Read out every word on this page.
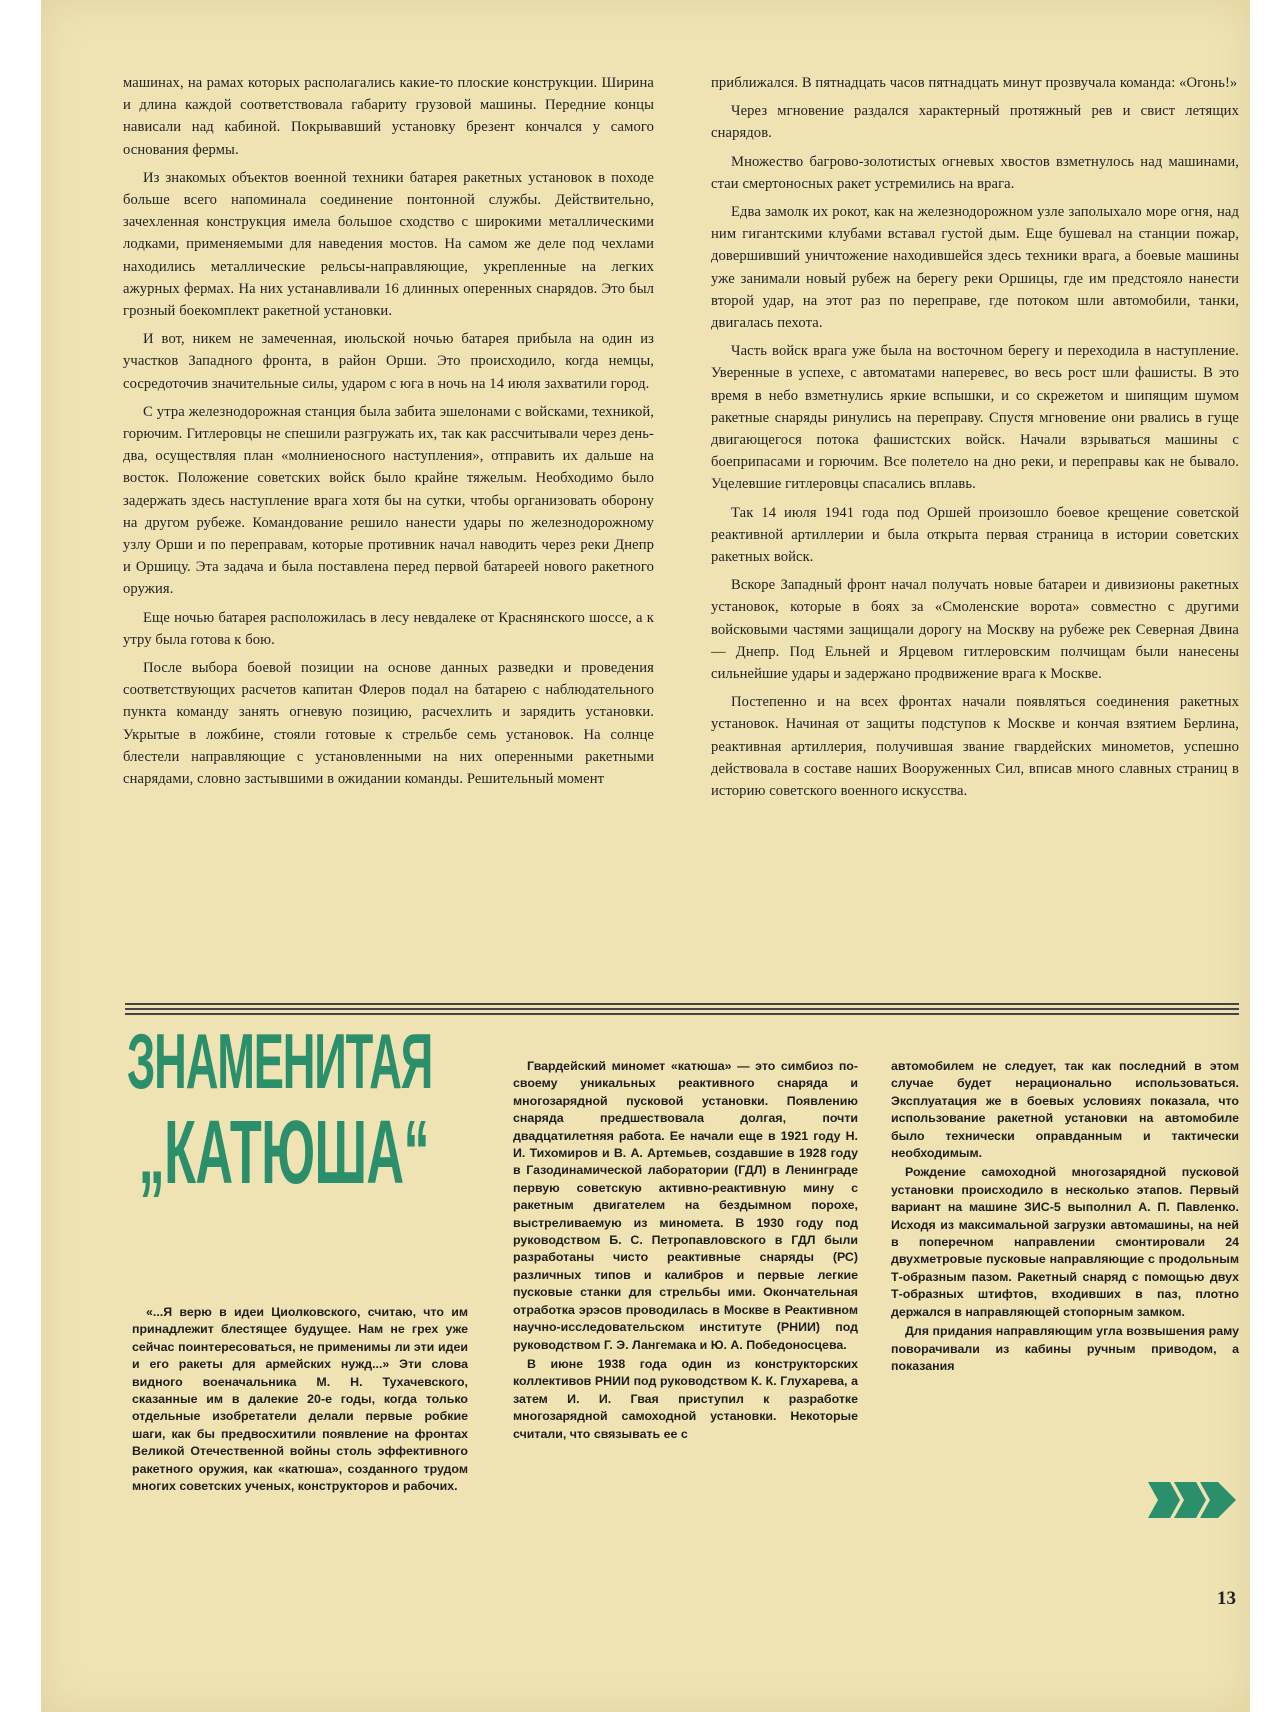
машинах, на рамах которых располагались какие-то плоские конструкции. Ширина и длина каждой соответствовала габариту грузовой машины. Передние концы нависали над кабиной. Покрывавший установку брезент кончался у самого основания фермы.

Из знакомых объектов военной техники батарея ракетных установок в походе больше всего напоминала соединение понтонной службы. Действительно, зачехленная конструкция имела большое сходство с широкими металлическими лодками, применяемыми для наведения мостов. На самом же деле под чехлами находились металлические рельсы-направляющие, укрепленные на легких ажурных фермах. На них устанавливали 16 длинных оперенных снарядов. Это был грозный боекомплект ракетной установки.

И вот, никем не замеченная, июльской ночью батарея прибыла на один из участков Западного фронта, в район Орши. Это происходило, когда немцы, сосредоточив значительные силы, ударом с юга в ночь на 14 июля захватили город.

С утра железнодорожная станция была забита эшелонами с войсками, техникой, горючим. Гитлеровцы не спешили разгружать их, так как рассчитывали через день-два, осуществляя план «молниеносного наступления», отправить их дальше на восток. Положение советских войск было крайне тяжелым. Необходимо было задержать здесь наступление врага хотя бы на сутки, чтобы организовать оборону на другом рубеже. Командование решило нанести удары по железнодорожному узлу Орши и по переправам, которые противник начал наводить через реки Днепр и Оршицу. Эта задача и была поставлена перед первой батареей нового ракетного оружия.

Еще ночью батарея расположилась в лесу невдалеке от Краснянского шоссе, а к утру была готова к бою.

После выбора боевой позиции на основе данных разведки и проведения соответствующих расчетов капитан Флеров подал на батарею с наблюдательного пункта команду занять огневую позицию, расчехлить и зарядить установки. Укрытые в ложбине, стояли готовые к стрельбе семь установок. На солнце блестели направляющие с установленными на них оперенными ракетными снарядами, словно застывшими в ожидании команды. Решительный момент

приближался. В пятнадцать часов пятнадцать минут прозвучала команда: «Огонь!»

Через мгновение раздался характерный протяжный рев и свист летящих снарядов.

Множество багрово-золотистых огневых хвостов взметнулось над машинами, стаи смертоносных ракет устремились на врага.

Едва замолк их рокот, как на железнодорожном узле заполыхало море огня, над ним гигантскими клубами вставал густой дым. Еще бушевал на станции пожар, довершивший уничтожение находившейся здесь техники врага, а боевые машины уже занимали новый рубеж на берегу реки Оршицы, где им предстояло нанести второй удар, на этот раз по переправе, где потоком шли автомобили, танки, двигалась пехота.

Часть войск врага уже была на восточном берегу и переходила в наступление. Уверенные в успехе, с автоматами наперевес, во весь рост шли фашисты. В это время в небо взметнулись яркие вспышки, и со скрежетом и шипящим шумом ракетные снаряды ринулись на переправу. Спустя мгновение они рвались в гуще двигающегося потока фашистских войск. Начали взрываться машины с боеприпасами и горючим. Все полетело на дно реки, и переправы как не бывало. Уцелевшие гитлеровцы спасались вплавь.

Так 14 июля 1941 года под Оршей произошло боевое крещение советской реактивной артиллерии и была открыта первая страница в истории советских ракетных войск.

Вскоре Западный фронт начал получать новые батареи и дивизионы ракетных установок, которые в боях за «Смоленские ворота» совместно с другими войсковыми частями защищали дорогу на Москву на рубеже рек Северная Двина — Днепр. Под Ельней и Ярцевом гитлеровским полчищам были нанесены сильнейшие удары и задержано продвижение врага к Москве.

Постепенно и на всех фронтах начали появляться соединения ракетных установок. Начиная от защиты подступов к Москве и кончая взятием Берлина, реактивная артиллерия, получившая звание гвардейских минометов, успешно действовала в составе наших Вооруженных Сил, вписав много славных страниц в историю советского военного искусства.

ЗНАМЕНИТАЯ
„КАТЮША“

«...Я верю в идеи Циолковского, считаю, что им принадлежит блестящее будущее. Нам не грех уже сейчас поинтересоваться, не применимы ли эти идеи и его ракеты для армейских нужд...» Эти слова видного военачальника М. Н. Тухачевского, сказанные им в далекие 20-е годы, когда только отдельные изобретатели делали первые робкие шаги, как бы предвосхитили появление на фронтах Великой Отечественной войны столь эффективного ракетного оружия, как «катюша», созданного трудом многих советских ученых, конструкторов и рабочих.

Гвардейский миномет «катюша» — это симбиоз по-своему уникальных реактивного снаряда и многозарядной пусковой установки. Появлению снаряда предшествовала долгая, почти двадцатилетняя работа. Ее начали еще в 1921 году Н. И. Тихомиров и В. А. Артемьев, создавшие в 1928 году в Газодинамической лаборатории (ГДЛ) в Ленинграде первую советскую активно-реактивную мину с ракетным двигателем на бездымном порохе, выстреливаемую из миномета. В 1930 году под руководством Б. С. Петропавловского в ГДЛ были разработаны чисто реактивные снаряды (РС) различных типов и калибров и первые легкие пусковые станки для стрельбы ими. Окончательная отработка эрэсов проводилась в Москве в Реактивном научно-исследовательском институте (РНИИ) под руководством Г. Э. Лангемака и Ю. А. Победоносцева.

В июне 1938 года один из конструкторских коллективов РНИИ под руководством К. К. Глухарева, а затем И. И. Гвая приступил к разработке многозарядной самоходной установки. Некоторые считали, что связывать ее с

автомобилем не следует, так как последний в этом случае будет нерационально использоваться. Эксплуатация же в боевых условиях показала, что использование ракетной установки на автомобиле было технически оправданным и тактически необходимым.

Рождение самоходной многозарядной пусковой установки происходило в несколько этапов. Первый вариант на машине ЗИС-5 выполнил А. П. Павленко. Исходя из максимальной загрузки автомашины, на ней в поперечном направлении смонтировали 24 двухметровые пусковые направляющие с продольным Т-образным пазом. Ракетный снаряд с помощью двух Т-образных штифтов, входивших в паз, плотно держался в направляющей стопорным замком.

Для придания направляющим угла возвышения раму поворачивали из кабины ручным приводом, а показания

13
